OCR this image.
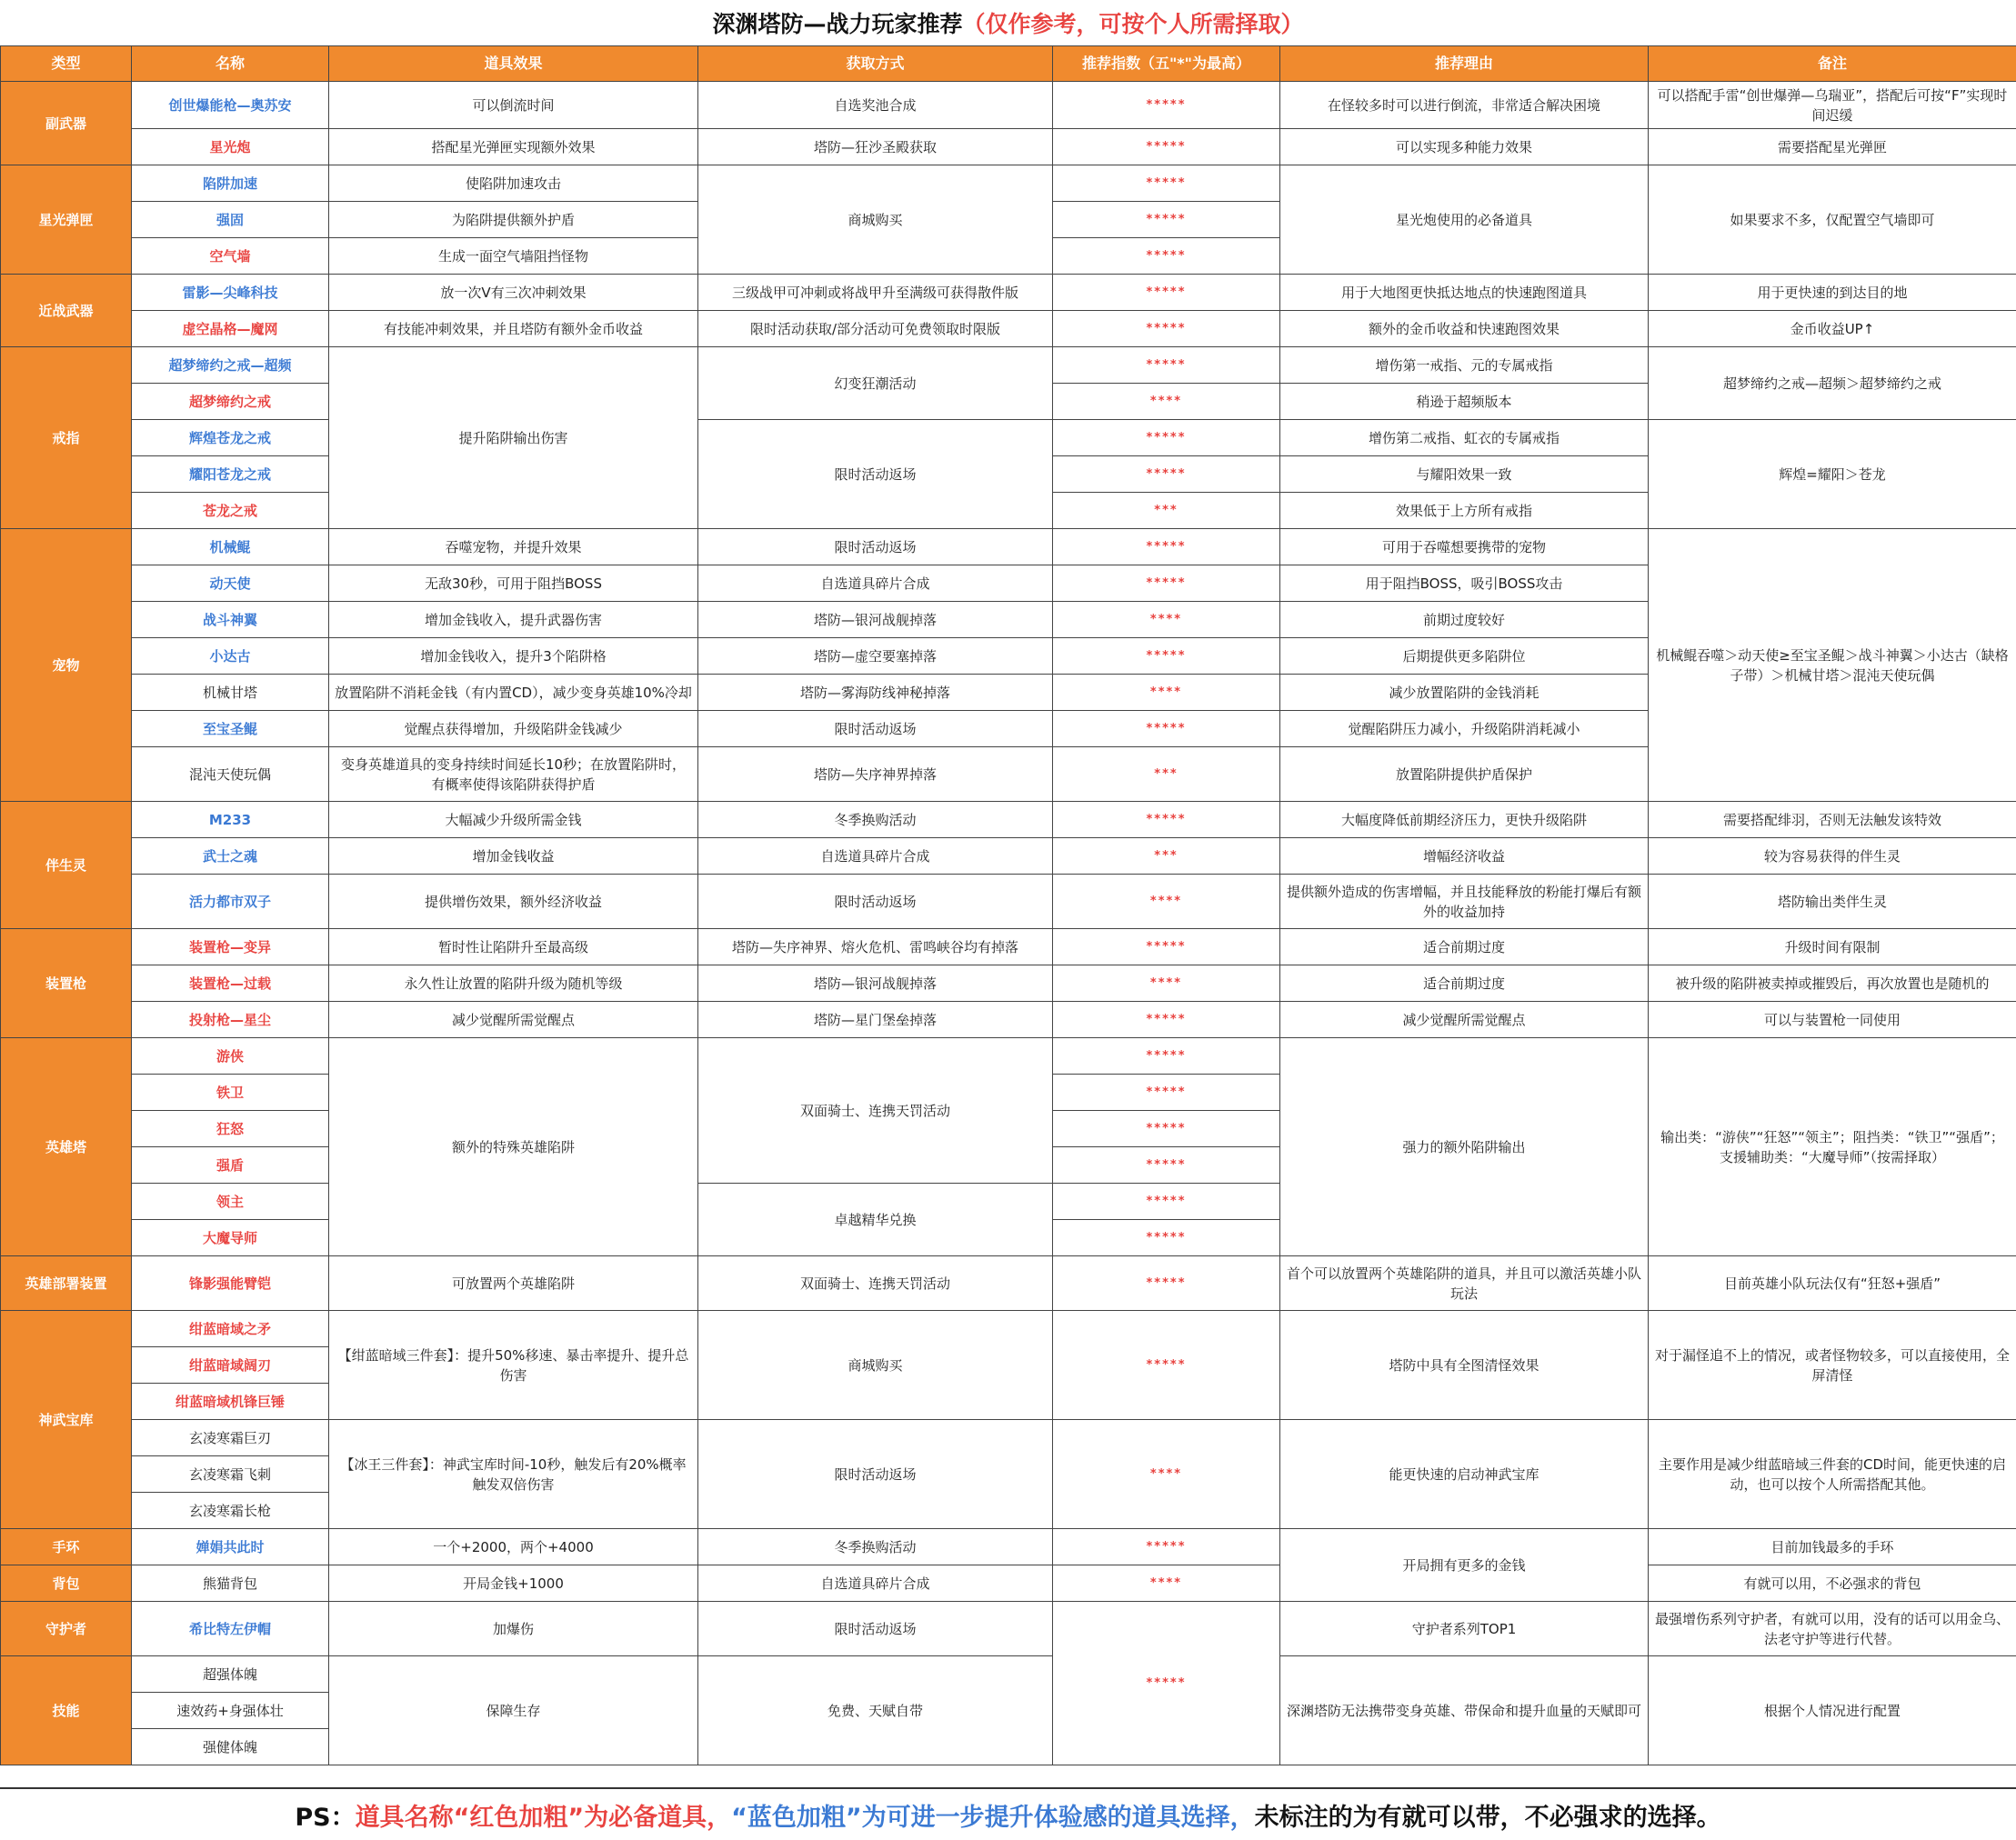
深渊塔防—战力玩家推荐 （仅作参考，可按个人所需择取）
类型	名称	道具效果	获取方式	推荐指数（五"*"为最高）	推荐理由	备注
副武器	创世爆能枪—奥苏安	可以倒流时间	自选奖池合成	*****	在怪较多时可以进行倒流，非常适合解决困境	可以搭配手雷“创世爆弹—乌瑞亚”，搭配后可按“F”实现时间迟缓
	星光炮	搭配星光弹匣实现额外效果	塔防—狂沙圣殿获取	*****	可以实现多种能力效果	需要搭配星光弹匣
星光弹匣	陷阱加速	使陷阱加速攻击	商城购买	*****	星光炮使用的必备道具	如果要求不多，仅配置空气墙即可
	强固	为陷阱提供额外护盾		*****		
	空气墙	生成一面空气墙阻挡怪物		*****		
近战武器	雷影—尖峰科技	放一次V有三次冲刺效果	三级战甲可冲刺或将战甲升至满级可获得散件版	*****	用于大地图更快抵达地点的快速跑图道具	用于更快速的到达目的地
	虚空晶格—魔网	有技能冲刺效果，并且塔防有额外金币收益	限时活动获取/部分活动可免费领取时限版	*****	额外的金币收益和快速跑图效果	金币收益UP↑
戒指	超梦缔约之戒—超频	提升陷阱输出伤害	幻变狂潮活动	*****	增伤第一戒指、元的专属戒指	超梦缔约之戒—超频＞超梦缔约之戒
	超梦缔约之戒			****	稍逊于超频版本	
	辉煌苍龙之戒		限时活动返场	*****	增伤第二戒指、虹衣的专属戒指	辉煌=耀阳＞苍龙
	耀阳苍龙之戒			*****	与耀阳效果一致	
	苍龙之戒			***	效果低于上方所有戒指	
宠物	机械鲲	吞噬宠物，并提升效果	限时活动返场	*****	可用于吞噬想要携带的宠物	机械鲲吞噬＞动天使≥至宝圣鲲＞战斗神翼＞小达古（缺格子带）＞机械甘塔＞混沌天使玩偶
	动天使	无敌30秒，可用于阻挡BOSS	自选道具碎片合成	*****	用于阻挡BOSS，吸引BOSS攻击	
	战斗神翼	增加金钱收入，提升武器伤害	塔防—银河战舰掉落	****	前期过度较好	
	小达古	增加金钱收入，提升3个陷阱格	塔防—虚空要塞掉落	*****	后期提供更多陷阱位	
	机械甘塔	放置陷阱不消耗金钱（有内置CD），减少变身英雄10%冷却	塔防—雾海防线神秘掉落	****	减少放置陷阱的金钱消耗	
	至宝圣鲲	觉醒点获得增加，升级陷阱金钱减少	限时活动返场	*****	觉醒陷阱压力减小，升级陷阱消耗减小	
	混沌天使玩偶	变身英雄道具的变身持续时间延长10秒；在放置陷阱时，有概率使得该陷阱获得护盾	塔防—失序神界掉落	***	放置陷阱提供护盾保护	
伴生灵	M233	大幅减少升级所需金钱	冬季换购活动	*****	大幅度降低前期经济压力，更快升级陷阱	需要搭配绯羽，否则无法触发该特效
	武士之魂	增加金钱收益	自选道具碎片合成	***	增幅经济收益	较为容易获得的伴生灵
	活力都市双子	提供增伤效果，额外经济收益	限时活动返场	****	提供额外造成的伤害增幅，并且技能释放的粉能打爆后有额外的收益加持	塔防输出类伴生灵
装置枪	装置枪—变异	暂时性让陷阱升至最高级	塔防—失序神界、熔火危机、雷鸣峡谷均有掉落	*****	适合前期过度	升级时间有限制
	装置枪—过载	永久性让放置的陷阱升级为随机等级	塔防—银河战舰掉落	****	适合前期过度	被升级的陷阱被卖掉或摧毁后，再次放置也是随机的
	投射枪—星尘	减少觉醒所需觉醒点	塔防—星门堡垒掉落	*****	减少觉醒所需觉醒点	可以与装置枪一同使用
英雄塔	游侠	额外的特殊英雄陷阱	双面骑士、连携天罚活动	*****	强力的额外陷阱输出	输出类：“游侠”“狂怒”“领主”；阻挡类：“铁卫”“强盾”；支援辅助类：“大魔导师”（按需择取）
	铁卫			*****		
	狂怒			*****		
	强盾			*****		
	领主		卓越精华兑换	*****		
	大魔导师			*****		
英雄部署装置	锋影强能臂铠	可放置两个英雄陷阱	双面骑士、连携天罚活动	*****	首个可以放置两个英雄陷阱的道具，并且可以激活英雄小队玩法	目前英雄小队玩法仅有“狂怒+强盾”
神武宝库	绀蓝暗域之矛	【绀蓝暗域三件套】：提升50%移速、暴击率提升、提升总伤害	商城购买	*****	塔防中具有全图清怪效果	对于漏怪追不上的情况，或者怪物较多，可以直接使用，全屏清怪
	绀蓝暗域阔刃					
	绀蓝暗域机锋巨锤					
	玄凌寒霜巨刃	【冰王三件套】：神武宝库时间-10秒，触发后有20%概率触发双倍伤害	限时活动返场	****	能更快速的启动神武宝库	主要作用是减少绀蓝暗域三件套的CD时间，能更快速的启动，也可以按个人所需搭配其他。
	玄凌寒霜飞刺					
	玄凌寒霜长枪					
手环	婵娟共此时	一个+2000，两个+4000	冬季换购活动	*****	开局拥有更多的金钱	目前加钱最多的手环
背包	熊猫背包	开局金钱+1000	自选道具碎片合成	****		有就可以用，不必强求的背包
守护者	希比特左伊帽	加爆伤	限时活动返场	*****	守护者系列TOP1	最强增伤系列守护者，有就可以用，没有的话可以用金乌、法老守护等进行代替。
技能	超强体魄	保障生存	免费、天赋自带		深渊塔防无法携带变身英雄、带保命和提升血量的天赋即可	根据个人情况进行配置
	速效药+身强体壮					
	强健体魄					
PS： 道具名称“红色加粗”为必备道具， “蓝色加粗”为可进一步提升体验感的道具选择， 未标注的为有就可以带，不必强求的选择。
